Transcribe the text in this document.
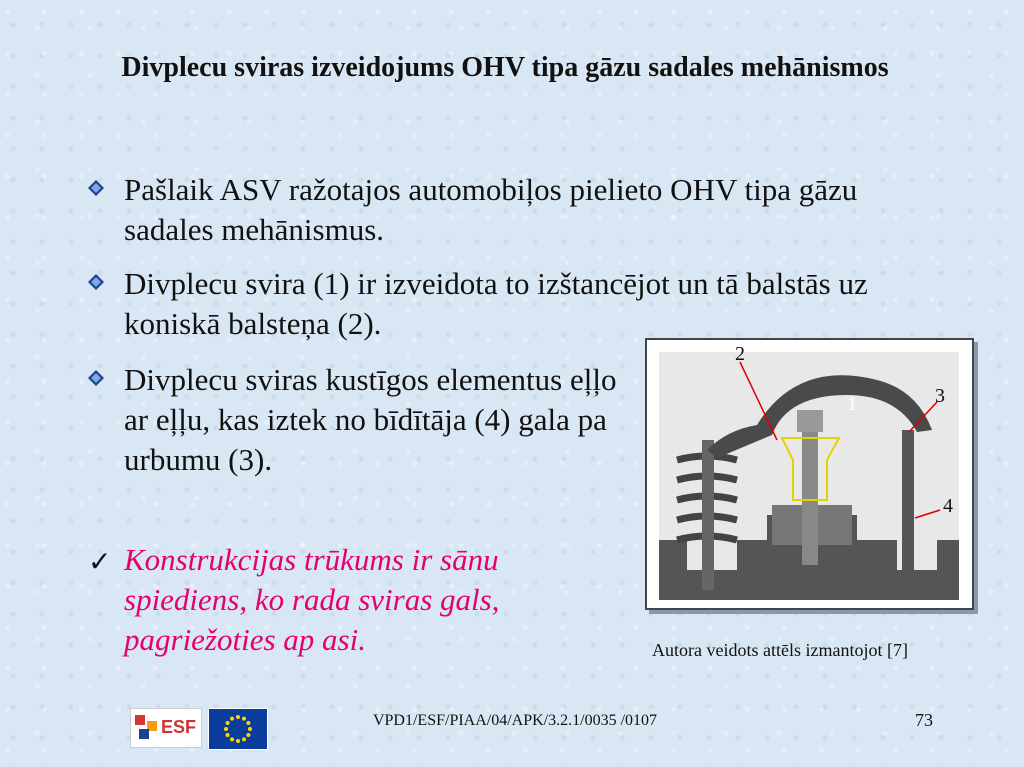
Divplecu sviras izveidojums OHV tipa gāzu sadales mehānismos
Pašlaik ASV ražotajos automobiļos pielieto OHV tipa gāzu sadales mehānismus.
Divplecu svira (1) ir izveidota to izštancējot un tā balstās uz koniskā balsteņa (2).
Divplecu sviras kustīgos elementus eļļo ar eļļu, kas iztek no bīdītāja (4) gala pa urbumu (3).
✓ Konstrukcijas trūkums ir sānu spiediens, ko rada sviras gals, pagriežoties ap asi.
2
1	3
4
Autora veidots attēls izmantojot [7]
ESF	VPD1/ESF/PIAA/04/APK/3.2.1/0035 /0107	73
